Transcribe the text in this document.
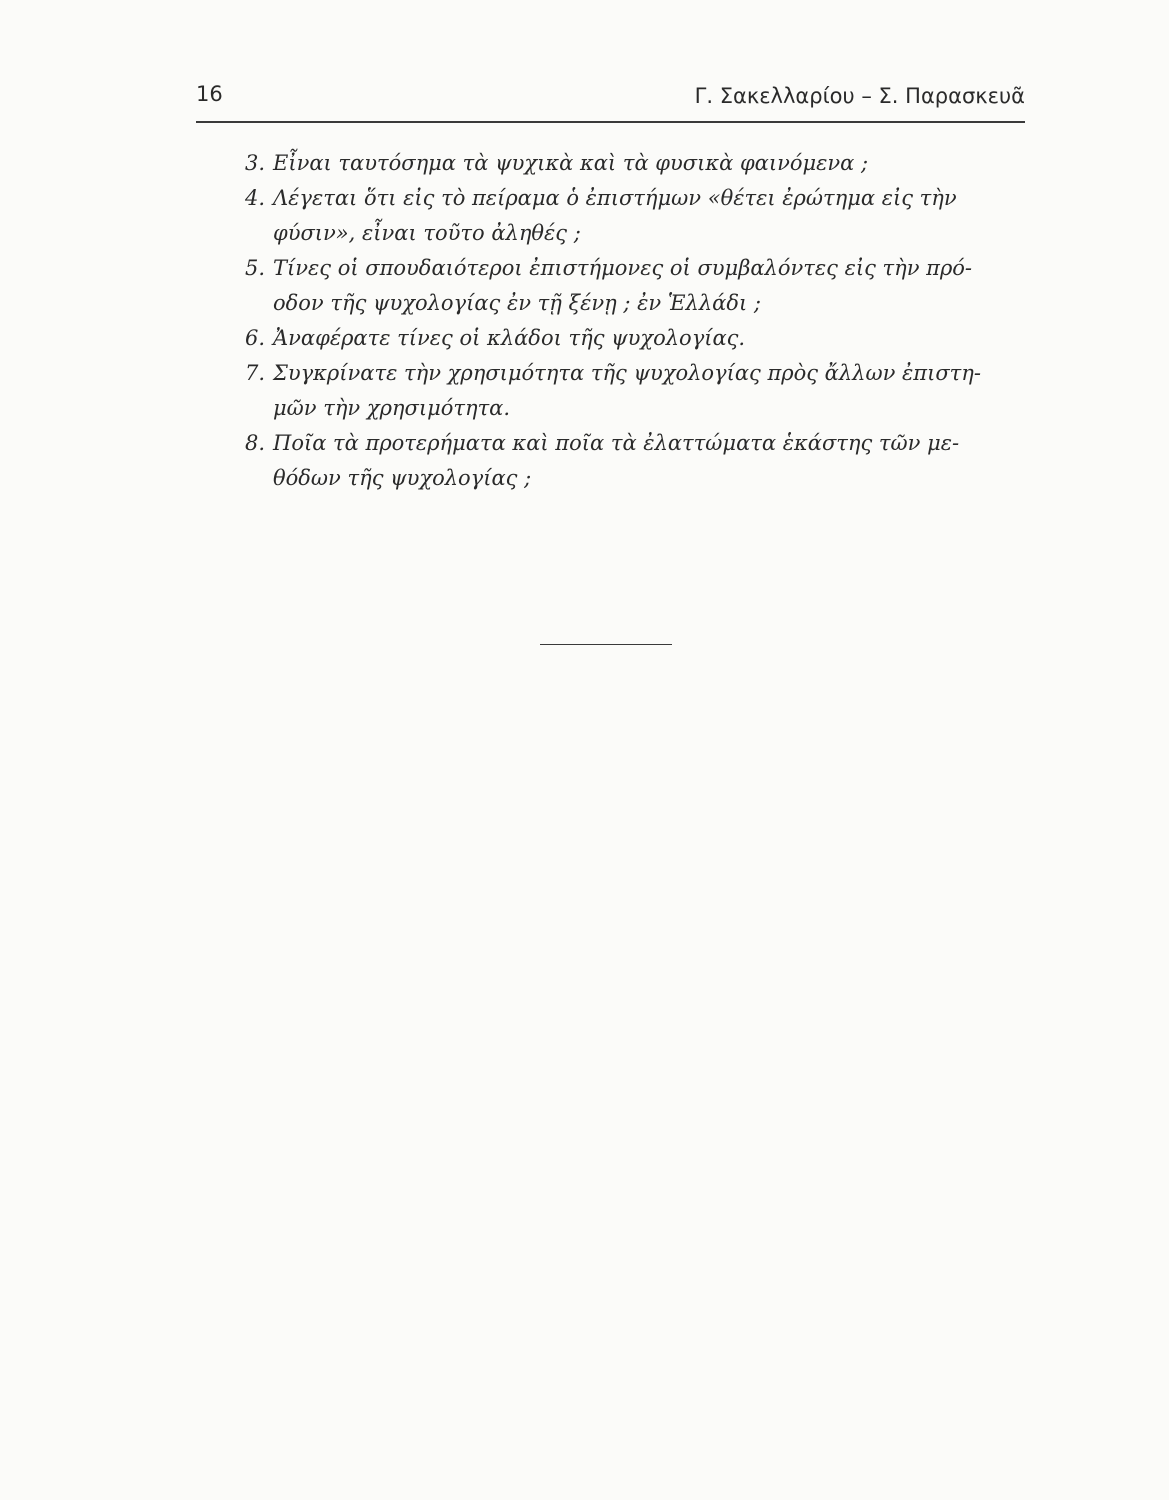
16	Γ. Σακελλαρίου – Σ. Παρασκευᾶ
3. Εἶναι ταυτόσημα τὰ ψυχικὰ καὶ τὰ φυσικὰ φαινόμενα ;
4. Λέγεται ὅτι εἰς τὸ πείραμα ὁ ἐπιστήμων «θέτει ἐρώτημα εἰς τὴν
φύσιν», εἶναι τοῦτο ἀληθές ;
5. Τίνες οἱ σπουδαιότεροι ἐπιστήμονες οἱ συμβαλόντες εἰς τὴν πρό-
οδον τῆς ψυχολογίας ἐν τῇ ξένῃ ; ἐν Ἑλλάδι ;
6. Ἀναφέρατε τίνες οἱ κλάδοι τῆς ψυχολογίας.
7. Συγκρίνατε τὴν χρησιμότητα τῆς ψυχολογίας πρὸς ἄλλων ἐπιστη-
μῶν τὴν χρησιμότητα.
8. Ποῖα τὰ προτερήματα καὶ ποῖα τὰ ἐλαττώματα ἑκάστης τῶν με-
θόδων τῆς ψυχολογίας ;
